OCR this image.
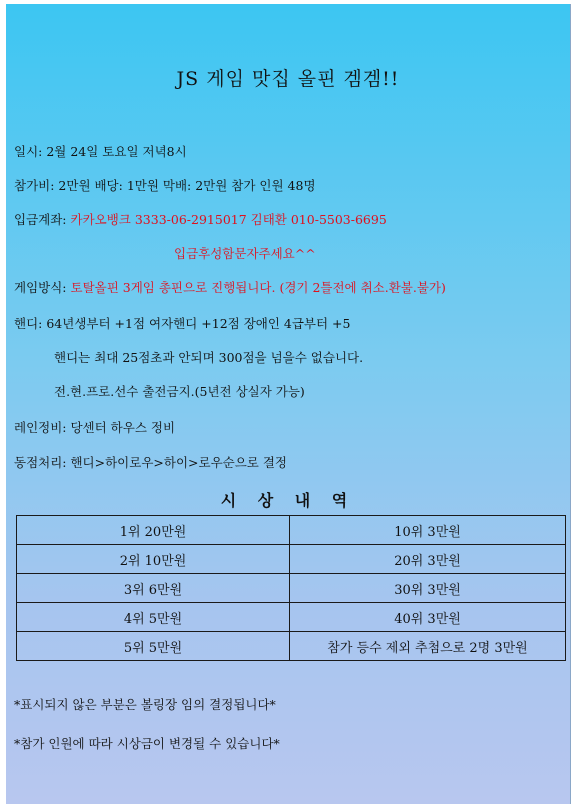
JS 게임 맛집 올핀 겜겜!!
일시: 2월 24일 토요일 저녁8시
참가비: 2만원 배당: 1만원 막배: 2만원 참가 인원 48명
입금계좌: 카카오뱅크 3333-06-2915017 김태환 010-5503-6695
입금후성함문자주세요^^
게임방식: 토탈올핀 3게임 총핀으로 진행됩니다. (경기 2틀전에 취소.환불.불가)
핸디: 64년생부터 +1점 여자핸디 +12점 장애인 4급부터 +5
핸디는 최대 25점초과 안되며 300점을 넘을수 없습니다.
전.현.프로.선수 출전금지.(5년전 상실자 가능)
레인정비: 당센터 하우스 정비
동점처리: 핸디>하이로우>하이>로우순으로 결정
시 상 내 역
1위 20만원	10위 3만원
2위 10만원	20위 3만원
3위 6만원	30위 3만원
4위 5만원	40위 3만원
5위 5만원	참가 등수 제외 추첨으로 2명 3만원
*표시되지 않은 부분은 볼링장 임의 결정됩니다*
*참가 인원에 따라 시상금이 변경될 수 있습니다*
